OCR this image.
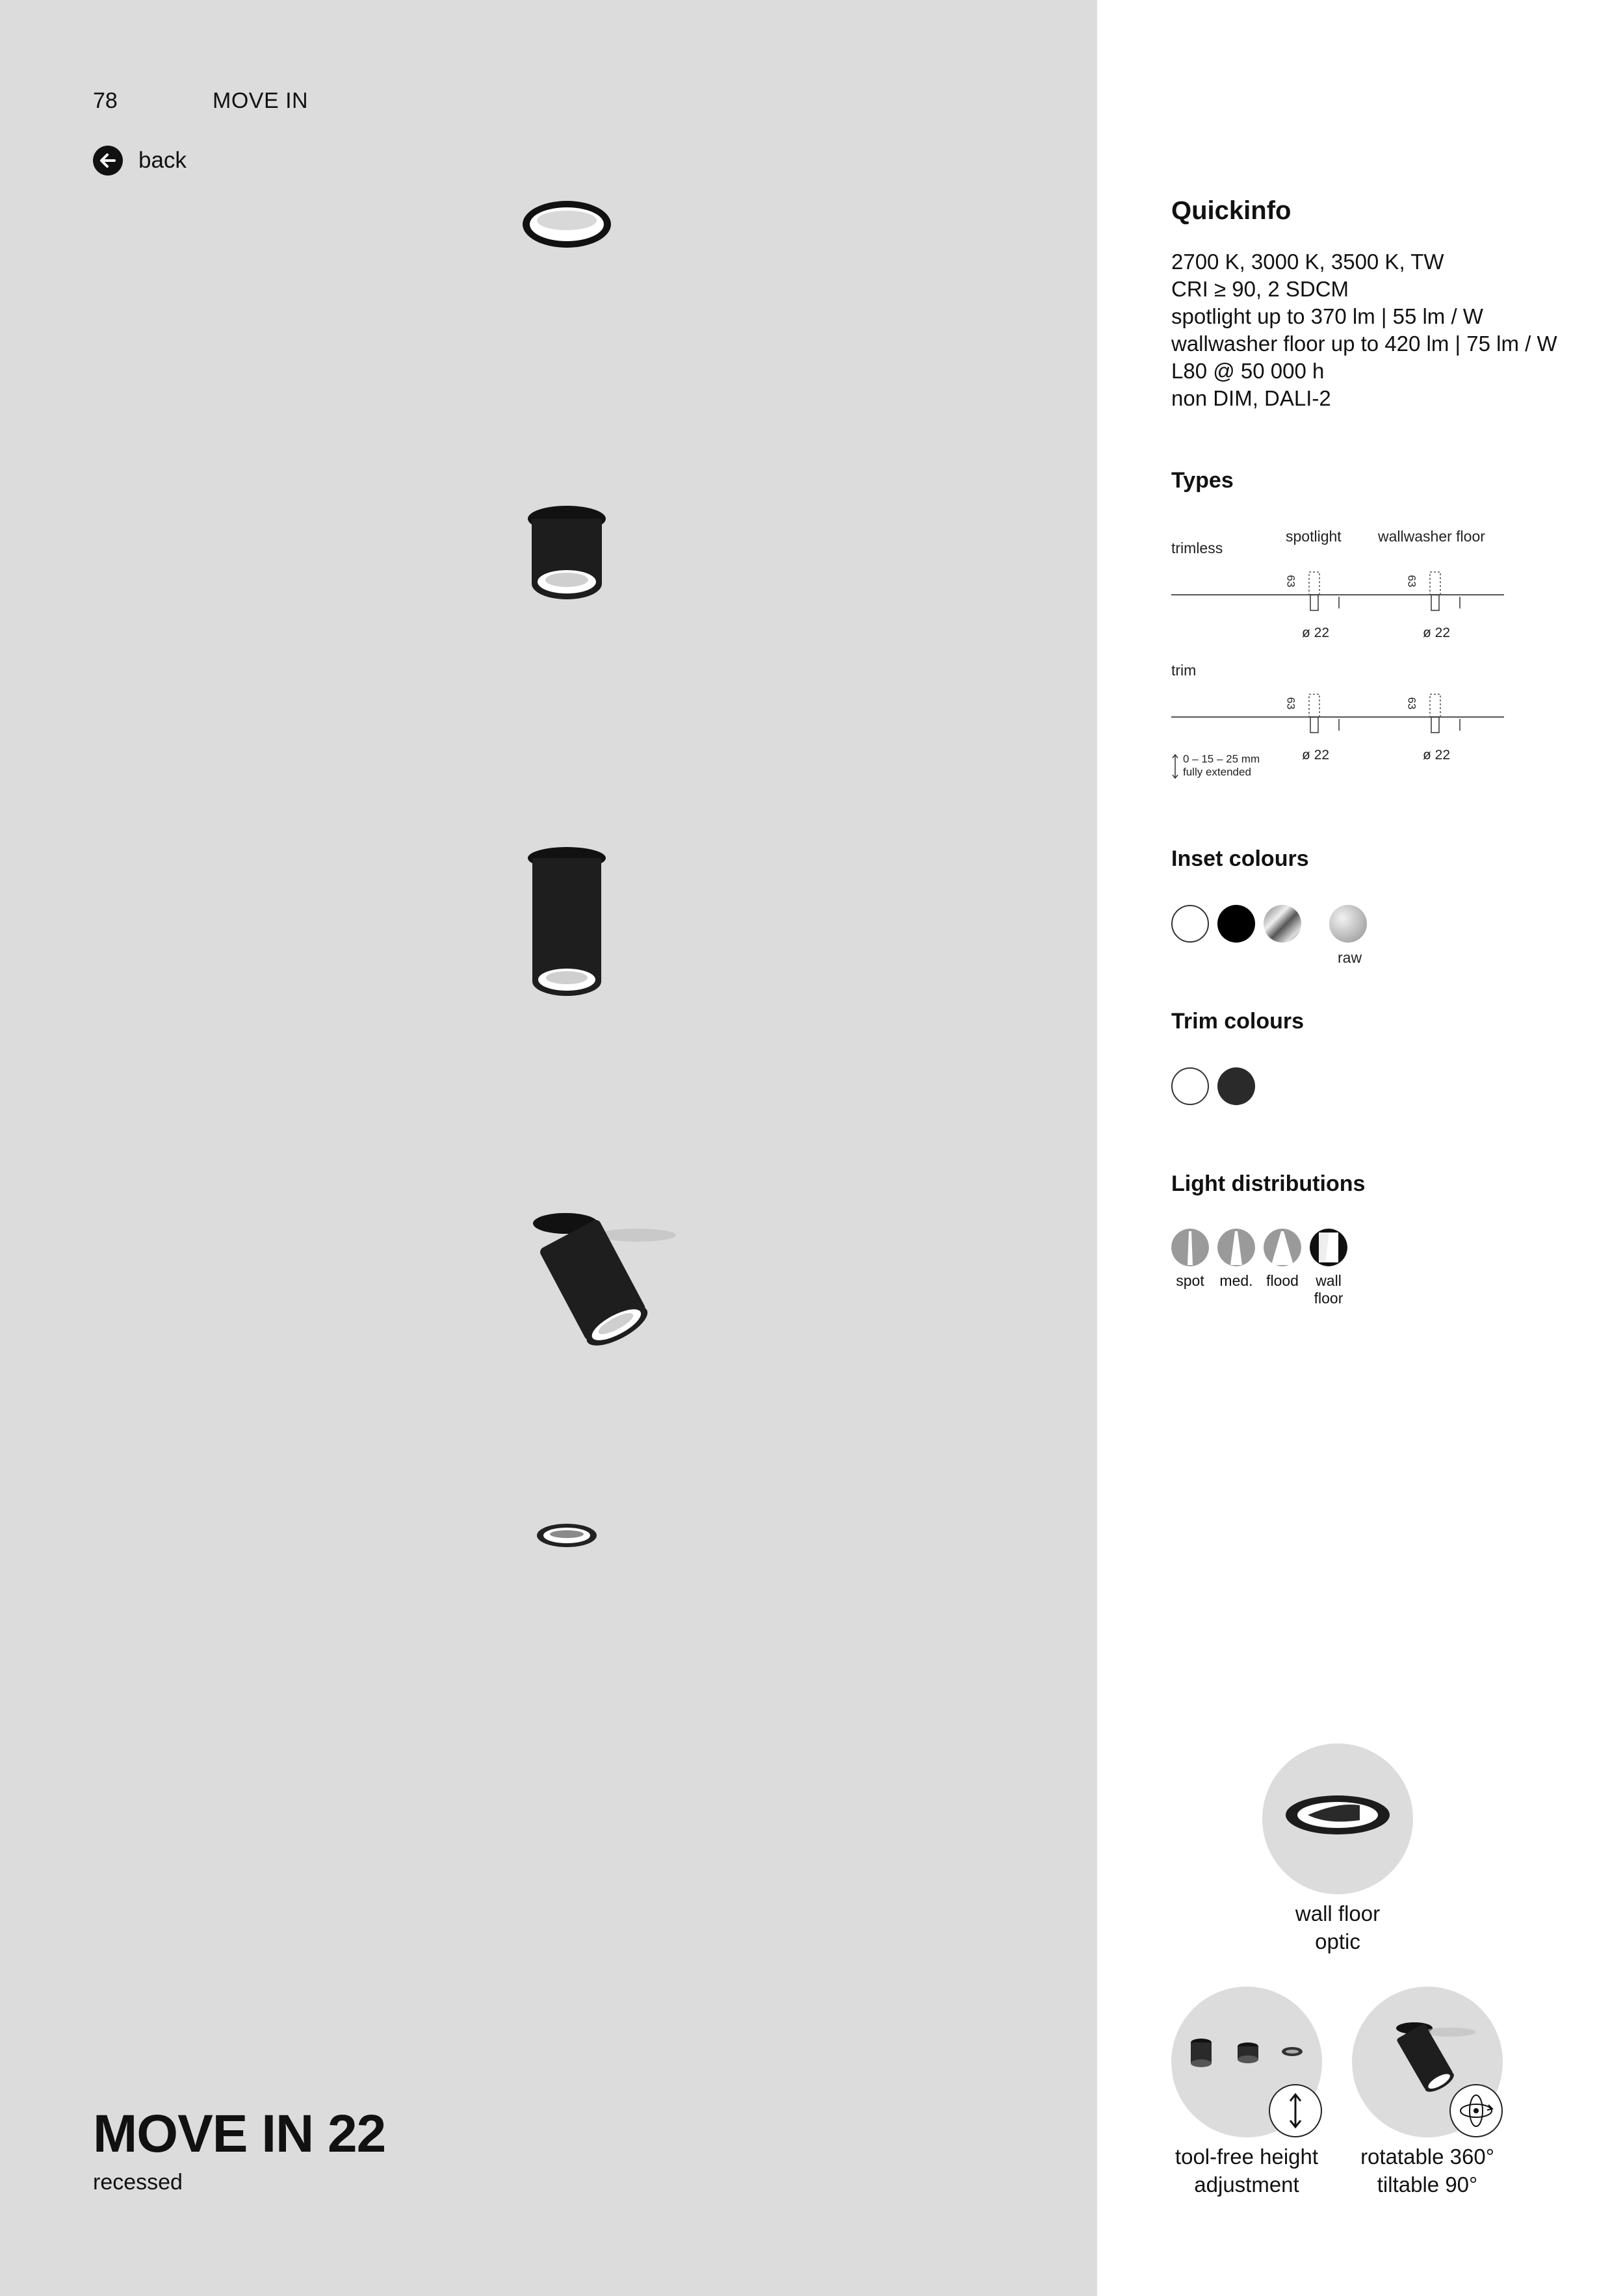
78	MOVE IN
back
MOVE IN 22
recessed
Quickinfo
2700 K, 3000 K, 3500 K, TW
CRI ≥ 90, 2 SDCM
spotlight up to 370 lm | 55 lm / W
wallwasher floor up to 420 lm | 75 lm / W
L80 @ 50 000 h
non DIM, DALI-2
Types
spotlight wallwasher floor
trimless
63	63
ø 22	ø 22
trim
63	63
ø 22	ø 22
0 – 15 – 25 mm
fully extended
Inset colours
raw
Trim colours
Light distributions
spot	med. flood wall
floor
wall floor
optic
tool-free height
adjustment
rotatable 360°
tiltable 90°
